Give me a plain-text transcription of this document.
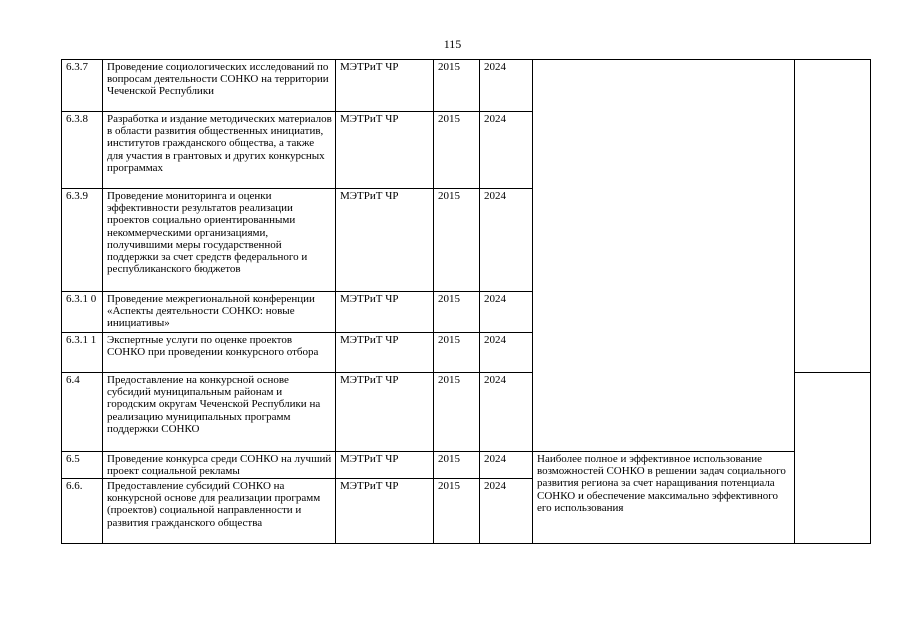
115
6.3.7	Проведение социологических исследований по вопросам деятельности СОНКО на территории Чеченской Республики	МЭТРиТ ЧР	2015	2024		
6.3.8	Разработка и издание методических материалов в области развития общественных инициатив, институтов гражданского общества, а также для участия в грантовых и других конкурсных программах	МЭТРиТ ЧР	2015	2024		
6.3.9	Проведение мониторинга и оценки эффективности результатов реализации проектов социально ориентированными некоммерческими организациями, получившими меры государственной поддержки за счет средств федерального и республиканского бюджетов	МЭТРиТ ЧР	2015	2024		
6.3.1 0	Проведение межрегиональной конференции «Аспекты деятельности СОНКО: новые инициативы»	МЭТРиТ ЧР	2015	2024		
6.3.1 1	Экспертные услуги по оценке проектов СОНКО при проведении конкурсного отбора	МЭТРиТ ЧР	2015	2024		
6.4	Предоставление на конкурсной основе субсидий муниципальным районам и городским округам Чеченской Республики на реализацию муниципальных программ поддержки СОНКО	МЭТРиТ ЧР	2015	2024		
6.5	Проведение конкурса среди СОНКО на лучший проект социальной рекламы	МЭТРиТ ЧР	2015	2024	Наиболее полное и эффективное использование возможностей СОНКО в решении задач социального развития региона за счет наращивания потенциала СОНКО и обеспечение максимально эффективного его использования	
6.6.	Предоставление субсидий СОНКО на конкурсной основе для реализации программ (проектов) социальной направленности и развития гражданского общества	МЭТРиТ ЧР	2015	2024		
